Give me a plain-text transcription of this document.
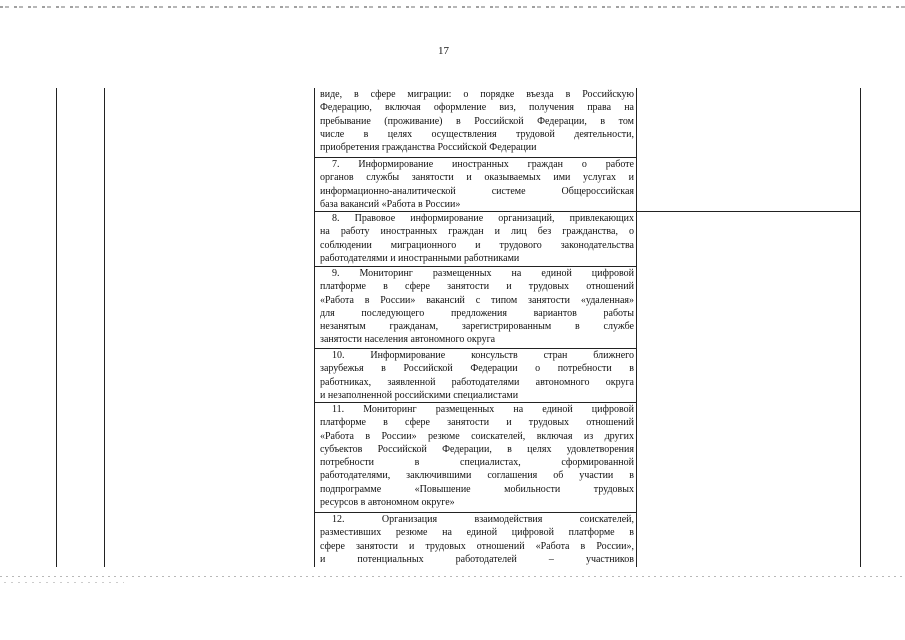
17
виде, в сфере миграции: о порядке въезда в Российскую
Федерацию, включая оформление виз, получения права на
пребывание (проживание) в Российской Федерации, в том
числе в целях осуществления трудовой деятельности,
приобретения гражданства Российской Федерации
7. Информирование иностранных граждан о работе
органов службы занятости и оказываемых ими услугах и
информационно-аналитической системе Общероссийская
база вакансий «Работа в России»
8. Правовое информирование организаций, привлекающих
на работу иностранных граждан и лиц без гражданства, о
соблюдении миграционного и трудового законодательства
работодателями и иностранными работниками
9. Мониторинг размещенных на единой цифровой
платформе в сфере занятости и трудовых отношений
«Работа в России» вакансий с типом занятости «удаленная»
для последующего предложения вариантов работы
незанятым гражданам, зарегистрированным в службе
занятости населения автономного округа
10. Информирование консульств стран ближнего
зарубежья в Российской Федерации о потребности в
работниках, заявленной работодателями автономного округа
и незаполненной российскими специалистами
11. Мониторинг размещенных на единой цифровой
платформе в сфере занятости и трудовых отношений
«Работа в России» резюме соискателей, включая из других
субъектов Российской Федерации, в целях удовлетворения
потребности в специалистах, сформированной
работодателями, заключившими соглашения об участии в
подпрограмме «Повышение мобильности трудовых
ресурсов в автономном округе»
12. Организация взаимодействия соискателей,
разместивших резюме на единой цифровой платформе в
сфере занятости и трудовых отношений «Работа в России»,
и потенциальных работодателей – участников
